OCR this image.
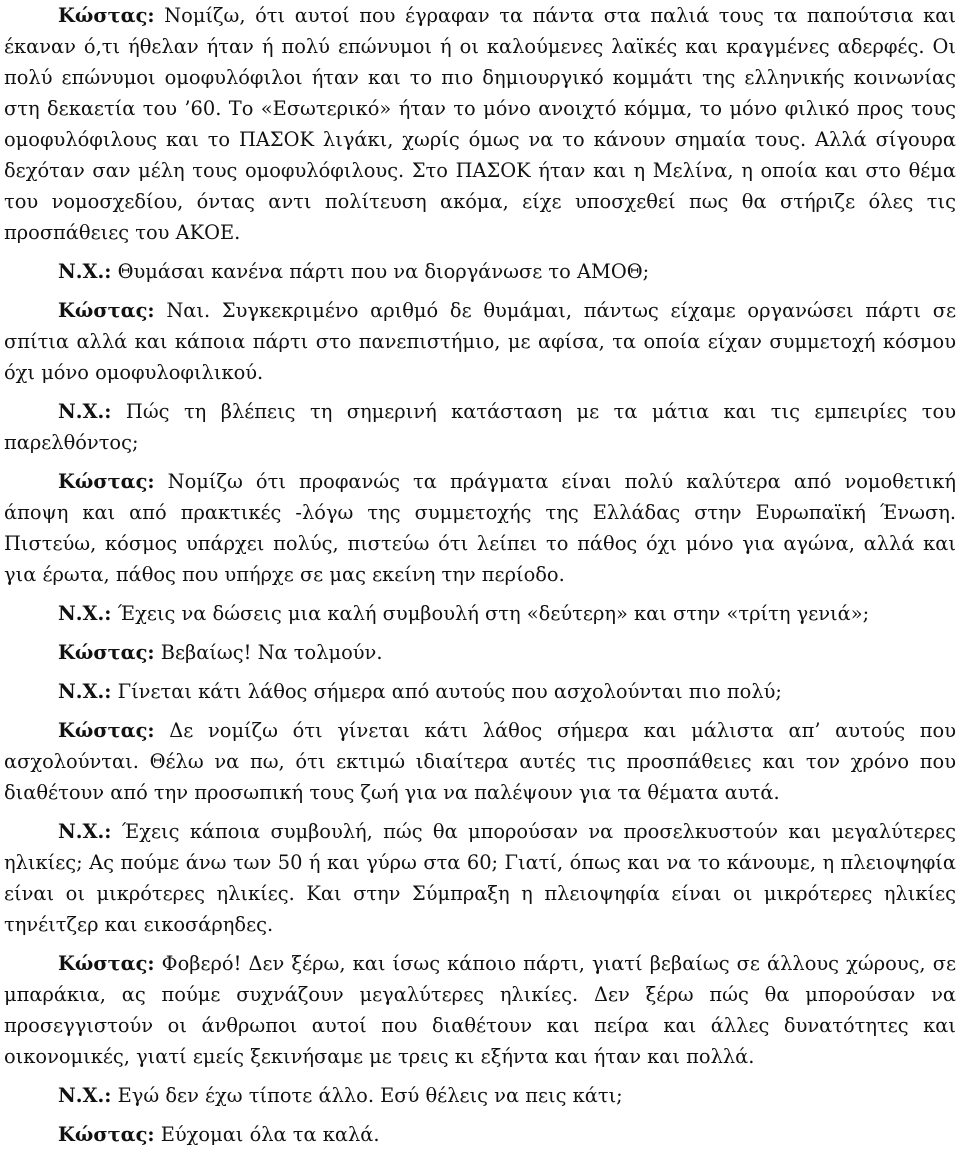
Κώστας: Νομίζω, ότι αυτοί που έγραφαν τα πάντα στα παλιά τους τα παπούτσια και έκαναν ό,τι ήθελαν ήταν ή πολύ επώνυμοι ή οι καλούμενες λαϊκές και κραγμένες αδερφές. Οι πολύ επώνυμοι ομοφυλόφιλοι ήταν και το πιο δημιουργικό κομμάτι της ελληνικής κοινωνίας στη δεκαετία του ’60. Το «Εσωτερικό» ήταν το μόνο ανοιχτό κόμμα, το μόνο φιλικό προς τους ομοφυλόφιλους και το ΠΑΣΟΚ λιγάκι, χωρίς όμως να το κάνουν σημαία τους. Αλλά σίγουρα δεχόταν σαν μέλη τους ομοφυλόφιλους. Στο ΠΑΣΟΚ ήταν και η Μελίνα, η οποία και στο θέμα του νομοσχεδίου, όντας αντι πολίτευση ακόμα, είχε υποσχεθεί πως θα στήριζε όλες τις προσπάθειες του ΑΚΟΕ.

Ν.Χ.: Θυμάσαι κανένα πάρτι που να διοργάνωσε το ΑΜΟΘ;

Κώστας: Ναι. Συγκεκριμένο αριθμό δε θυμάμαι, πάντως είχαμε οργανώσει πάρτι σε σπίτια αλλά και κάποια πάρτι στο πανεπιστήμιο, με αφίσα, τα οποία είχαν συμμετοχή κόσμου όχι μόνο ομοφυλοφιλικού.

Ν.Χ.: Πώς τη βλέπεις τη σημερινή κατάσταση με τα μάτια και τις εμπειρίες του παρελθόντος;

Κώστας: Νομίζω ότι προφανώς τα πράγματα είναι πολύ καλύτερα από νομοθετική άποψη και από πρακτικές -λόγω της συμμετοχής της Ελλάδας στην Ευρωπαϊκή Ένωση. Πιστεύω, κόσμος υπάρχει πολύς, πιστεύω ότι λείπει το πάθος όχι μόνο για αγώνα, αλλά και για έρωτα, πάθος που υπήρχε σε μας εκείνη την περίοδο.

Ν.Χ.: Έχεις να δώσεις μια καλή συμβουλή στη «δεύτερη» και στην «τρίτη γενιά»;

Κώστας: Βεβαίως! Να τολμούν.

Ν.Χ.: Γίνεται κάτι λάθος σήμερα από αυτούς που ασχολούνται πιο πολύ;

Κώστας: Δε νομίζω ότι γίνεται κάτι λάθος σήμερα και μάλιστα απ’ αυτούς που ασχολούνται. Θέλω να πω, ότι εκτιμώ ιδιαίτερα αυτές τις προσπάθειες και τον χρόνο που διαθέτουν από την προσωπική τους ζωή για να παλέψουν για τα θέματα αυτά.

Ν.Χ.: Έχεις κάποια συμβουλή, πώς θα μπορούσαν να προσελκυστούν και μεγαλύτερες ηλικίες; Ας πούμε άνω των 50 ή και γύρω στα 60; Γιατί, όπως και να το κάνουμε, η πλειοψηφία είναι οι μικρότερες ηλικίες. Και στην Σύμπραξη η πλειοψηφία είναι οι μικρότερες ηλικίες τηνέιτζερ και εικοσάρηδες.

Κώστας: Φοβερό! Δεν ξέρω, και ίσως κάποιο πάρτι, γιατί βεβαίως σε άλλους χώρους, σε μπαράκια, ας πούμε συχνάζουν μεγαλύτερες ηλικίες. Δεν ξέρω πώς θα μπορούσαν να προσεγγιστούν οι άνθρωποι αυτοί που διαθέτουν και πείρα και άλλες δυνατότητες και οικονομικές, γιατί εμείς ξεκινήσαμε με τρεις κι εξήντα και ήταν και πολλά.

Ν.Χ.: Εγώ δεν έχω τίποτε άλλο. Εσύ θέλεις να πεις κάτι;

Κώστας: Εύχομαι όλα τα καλά.
